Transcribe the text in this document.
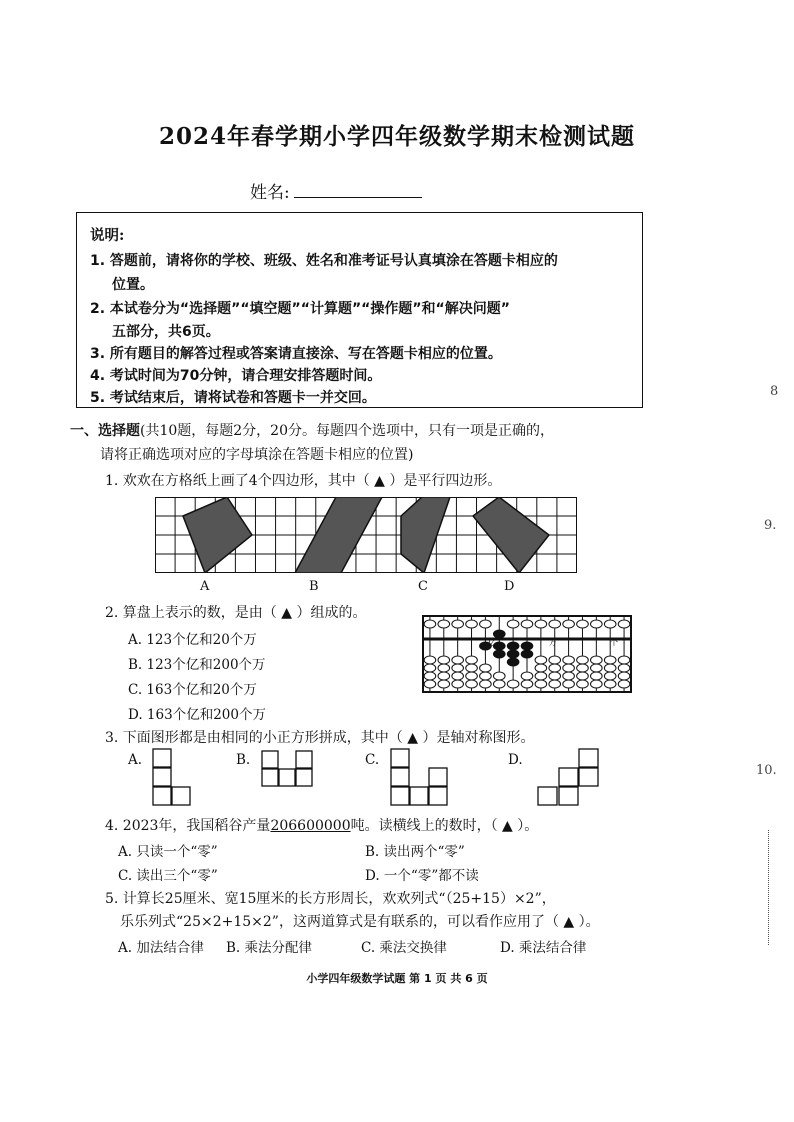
2024年春学期小学四年级数学期末检测试题
姓名:
说明:
1. 答题前，请将你的学校、班级、姓名和准考证号认真填涂在答题卡相应的
位置。
2. 本试卷分为“选择题”“填空题”“计算题”“操作题”和“解决问题”
五部分，共6页。
3. 所有题目的解答过程或答案请直接涂、写在答题卡相应的位置。
4. 考试时间为70分钟，请合理安排答题时间。
5. 考试结束后，请将试卷和答题卡一并交回。
一、选择题(共10题，每题2分，20分。每题四个选项中，只有一项是正确的，
请将正确选项对应的字母填涂在答题卡相应的位置)
1. 欢欢在方格纸上画了4个四边形，其中（ ▲ ）是平行四边形。
A	B	C	D
2. 算盘上表示的数，是由（ ▲ ）组成的。
A. 123个亿和20个万
B. 123个亿和200个万
C. 163个亿和20个万
D. 163个亿和200个万
亿	万	个
3. 下面图形都是由相同的小正方形拼成，其中（ ▲ ）是轴对称图形。
A.	B.	C.	D.
4. 2023年，我国稻谷产量206600000吨。读横线上的数时，（ ▲ ）。
A. 只读一个“零”	B. 读出两个“零”
C. 读出三个“零”	D. 一个“零”都不读
5. 计算长25厘米、宽15厘米的长方形周长，欢欢列式“（25+15）×2”，
乐乐列式“25×2+15×2”，这两道算式是有联系的，可以看作应用了（ ▲ ）。
A. 加法结合律 B. 乘法分配律	C. 乘法交换律	D. 乘法结合律
小学四年级数学试题 第 1 页 共 6 页
8
9.
10.
